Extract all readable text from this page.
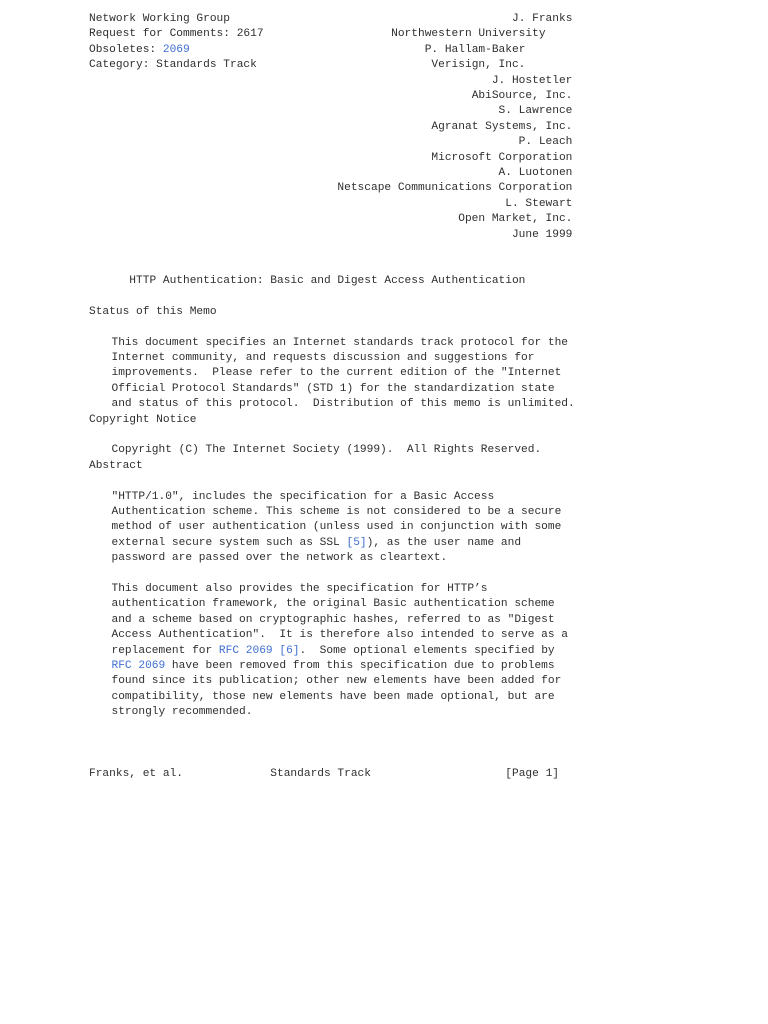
Network Working Group	J. Franks
Request for Comments: 2617	Northwestern University
Obsoletes: 2069	P. Hallam-Baker
Category: Standards Track	Verisign, Inc.
J. Hostetler
AbiSource, Inc.
S. Lawrence
Agranat Systems, Inc.
P. Leach
Microsoft Corporation
A. Luotonen
Netscape Communications Corporation
L. Stewart
Open Market, Inc.
June 1999

HTTP Authentication: Basic and Digest Access Authentication

Status of this Memo

This document specifies an Internet standards track protocol for the
Internet community, and requests discussion and suggestions for
improvements.  Please refer to the current edition of the "Internet
Official Protocol Standards" (STD 1) for the standardization state
and status of this protocol.  Distribution of this memo is unlimited.
Copyright Notice

Copyright (C) The Internet Society (1999).  All Rights Reserved.
Abstract

"HTTP/1.0", includes the specification for a Basic Access
Authentication scheme. This scheme is not considered to be a secure
method of user authentication (unless used in conjunction with some
external secure system such as SSL [5]), as the user name and
password are passed over the network as cleartext.

This document also provides the specification for HTTP’s
authentication framework, the original Basic authentication scheme
and a scheme based on cryptographic hashes, referred to as "Digest
Access Authentication".  It is therefore also intended to serve as a
replacement for RFC 2069 [6].  Some optional elements specified by
RFC 2069 have been removed from this specification due to problems
found since its publication; other new elements have been added for
compatibility, those new elements have been made optional, but are
strongly recommended.

Franks, et al.	Standards Track	[Page 1]
